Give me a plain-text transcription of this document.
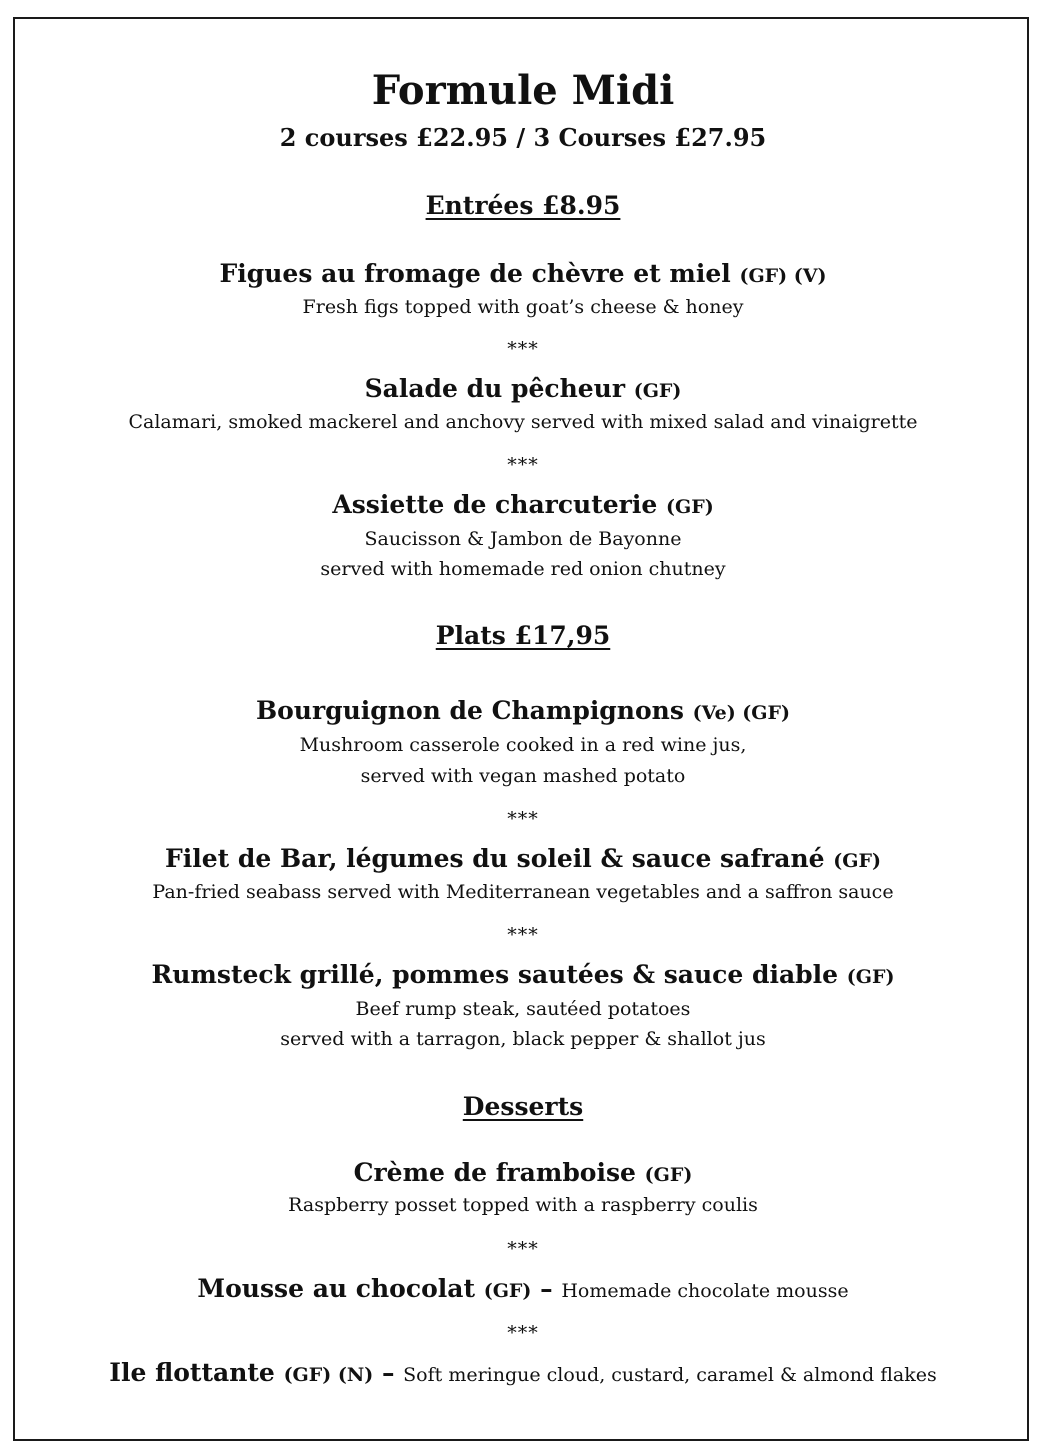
Formule Midi
2 courses £22.95 / 3 Courses £27.95
Entrées £8.95
Figues au fromage de chèvre et miel (GF) (V)
Fresh figs topped with goat’s cheese & honey
***
Salade du pêcheur (GF)
Calamari, smoked mackerel and anchovy served with mixed salad and vinaigrette
***
Assiette de charcuterie (GF)
Saucisson & Jambon de Bayonne
served with homemade red onion chutney
Plats £17,95
Bourguignon de Champignons (Ve) (GF)
Mushroom casserole cooked in a red wine jus,
served with vegan mashed potato
***
Filet de Bar, légumes du soleil & sauce safrané (GF)
Pan-fried seabass served with Mediterranean vegetables and a saffron sauce
***
Rumsteck grillé, pommes sautées & sauce diable (GF)
Beef rump steak, sautéed potatoes
served with a tarragon, black pepper & shallot jus
Desserts
Crème de framboise (GF)
Raspberry posset topped with a raspberry coulis
***
Mousse au chocolat (GF) – Homemade chocolate mousse
***
Ile flottante (GF) (N) – Soft meringue cloud, custard, caramel & almond flakes
